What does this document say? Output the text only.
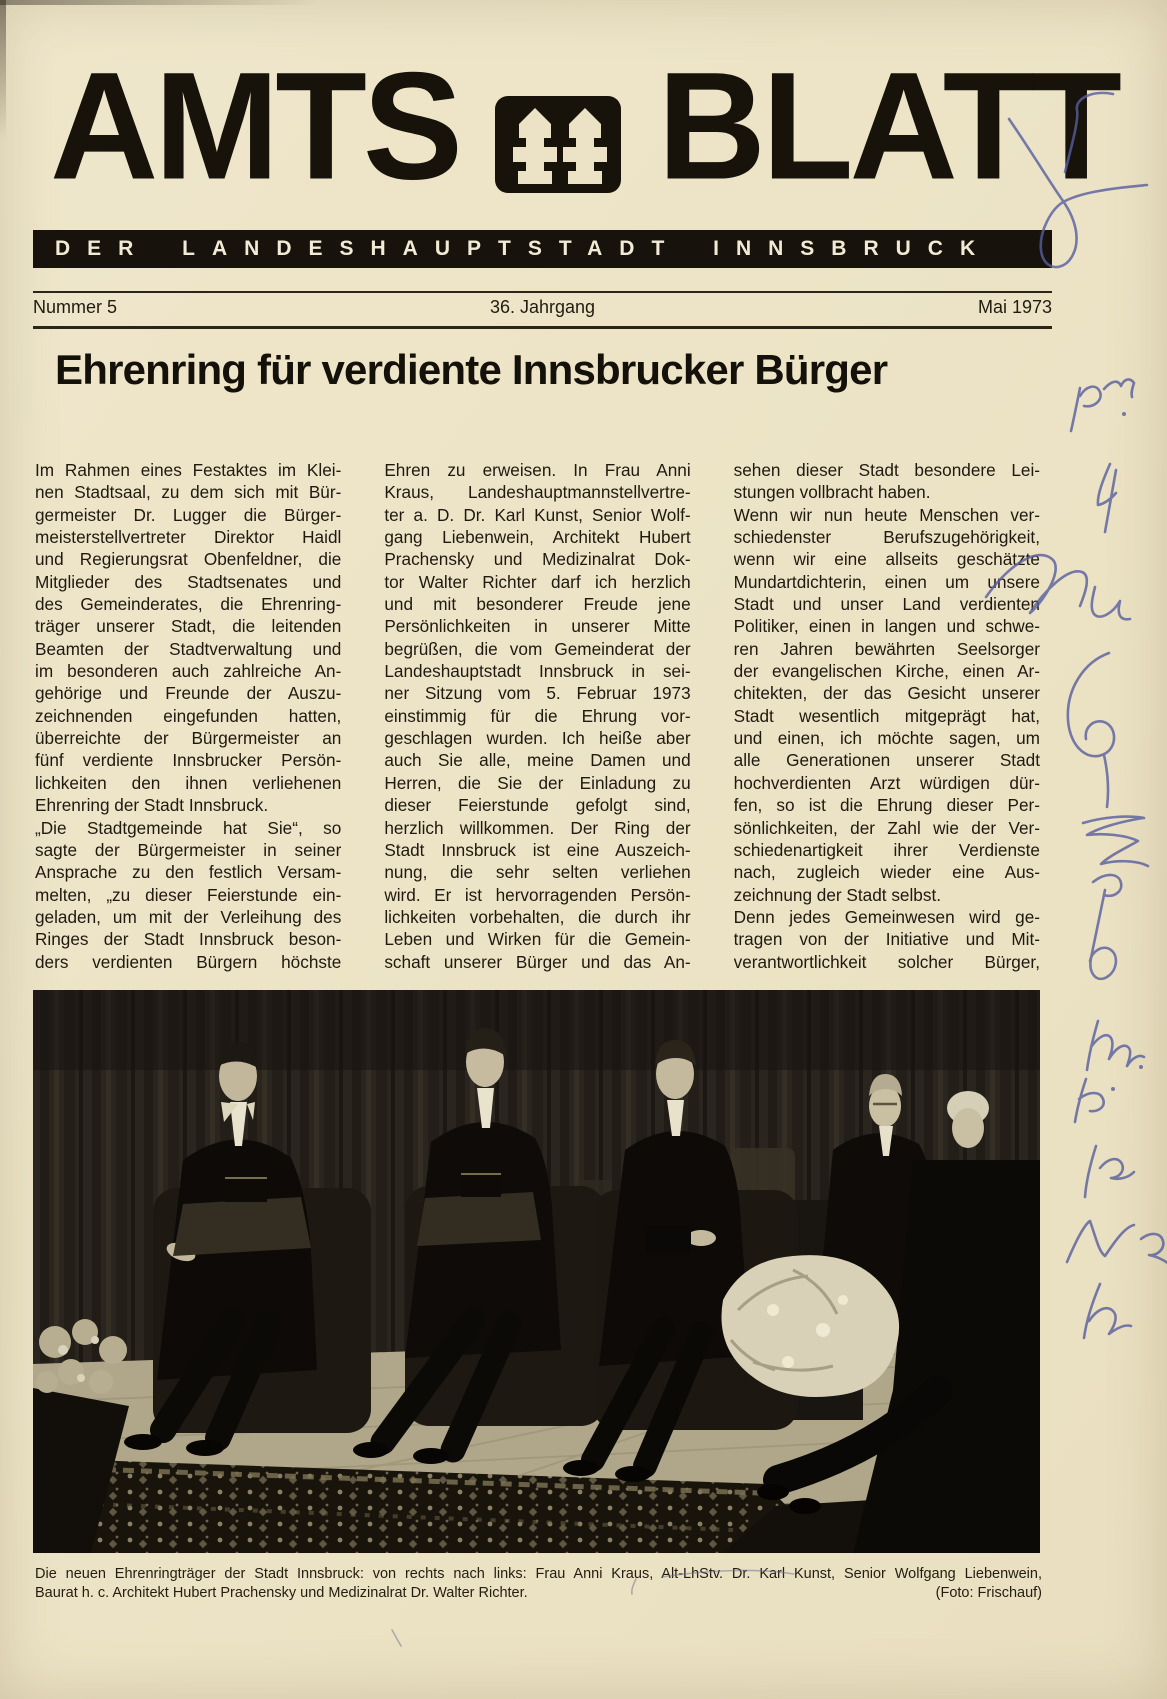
AMTS BLATT
DER LANDESHAUPTSTADT INNSBRUCK
Nummer 5	36. Jahrgang	Mai 1973
Ehrenring für verdiente Innsbrucker Bürger
Im Rahmen eines Festaktes im Klei-
nen Stadtsaal, zu dem sich mit Bür-
germeister Dr. Lugger die Bürger-
meisterstellvertreter Direktor Haidl
und Regierungsrat Obenfeldner, die
Mitglieder des Stadtsenates und
des Gemeinderates, die Ehrenring-
träger unserer Stadt, die leitenden
Beamten der Stadtverwaltung und
im besonderen auch zahlreiche An-
gehörige und Freunde der Auszu-
zeichnenden eingefunden hatten,
überreichte der Bürgermeister an
fünf verdiente Innsbrucker Persön-
lichkeiten den ihnen verliehenen
Ehrenring der Stadt Innsbruck.
„Die Stadtgemeinde hat Sie“, so
sagte der Bürgermeister in seiner
Ansprache zu den festlich Versam-
melten, „zu dieser Feierstunde ein-
geladen, um mit der Verleihung des
Ringes der Stadt Innsbruck beson-
ders verdienten Bürgern höchste
Ehren zu erweisen. In Frau Anni
Kraus, Landeshauptmannstellvertre-
ter a. D. Dr. Karl Kunst, Senior Wolf-
gang Liebenwein, Architekt Hubert
Prachensky und Medizinalrat Dok-
tor Walter Richter darf ich herzlich
und mit besonderer Freude jene
Persönlichkeiten in unserer Mitte
begrüßen, die vom Gemeinderat der
Landeshauptstadt Innsbruck in sei-
ner Sitzung vom 5. Februar 1973
einstimmig für die Ehrung vor-
geschlagen wurden. Ich heiße aber
auch Sie alle, meine Damen und
Herren, die Sie der Einladung zu
dieser Feierstunde gefolgt sind,
herzlich willkommen. Der Ring der
Stadt Innsbruck ist eine Auszeich-
nung, die sehr selten verliehen
wird. Er ist hervorragenden Persön-
lichkeiten vorbehalten, die durch ihr
Leben und Wirken für die Gemein-
schaft unserer Bürger und das An-
sehen dieser Stadt besondere Lei-
stungen vollbracht haben.
Wenn wir nun heute Menschen ver-
schiedenster Berufszugehörigkeit,
wenn wir eine allseits geschätzte
Mundartdichterin, einen um unsere
Stadt und unser Land verdienten
Politiker, einen in langen und schwe-
ren Jahren bewährten Seelsorger
der evangelischen Kirche, einen Ar-
chitekten, der das Gesicht unserer
Stadt wesentlich mitgeprägt hat,
und einen, ich möchte sagen, um
alle Generationen unserer Stadt
hochverdienten Arzt würdigen dür-
fen, so ist die Ehrung dieser Per-
sönlichkeiten, der Zahl wie der Ver-
schiedenartigkeit ihrer Verdienste
nach, zugleich wieder eine Aus-
zeichnung der Stadt selbst.
Denn jedes Gemeinwesen wird ge-
tragen von der Initiative und Mit-
verantwortlichkeit solcher Bürger,
Die neuen Ehrenringträger der Stadt Innsbruck: von rechts nach links: Frau Anni Kraus, Alt-LhStv. Dr. Karl Kunst, Senior Wolfgang Liebenwein,
Baurat h. c. Architekt Hubert Prachensky und Medizinalrat Dr. Walter Richter.	(Foto: Frischauf)
